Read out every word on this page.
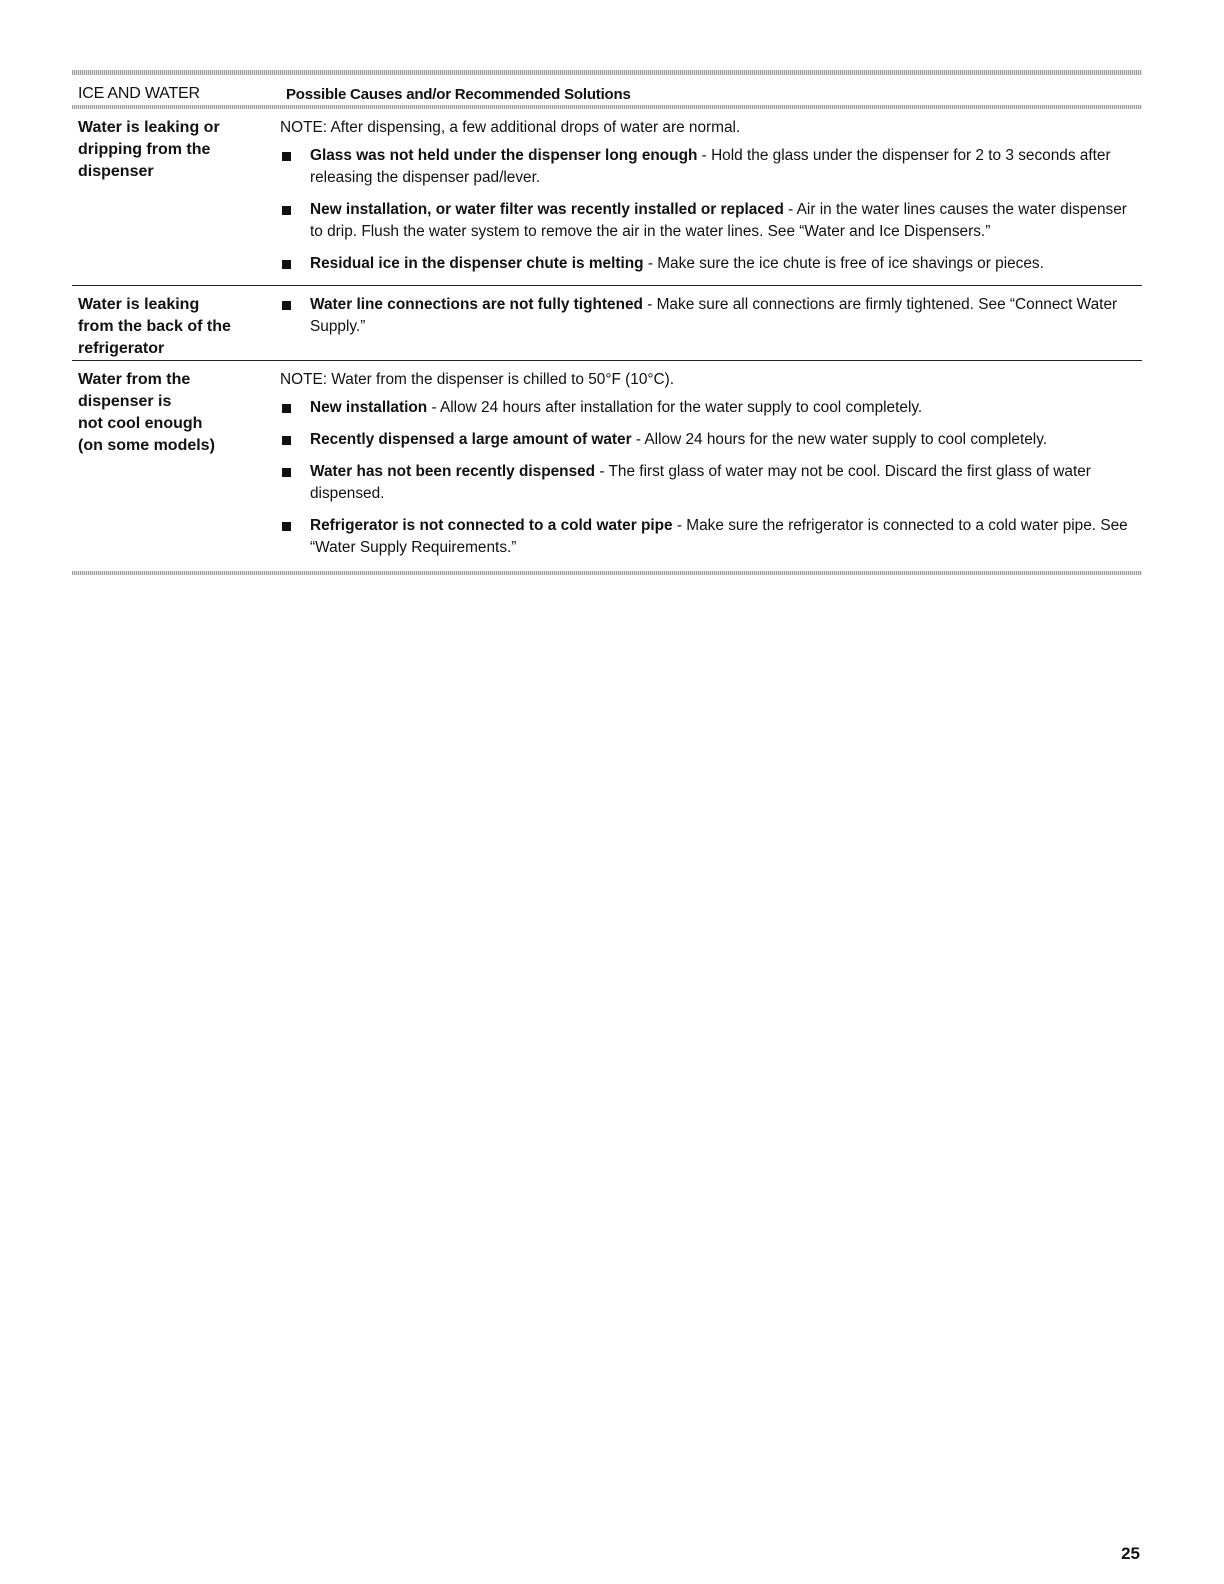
ICE AND WATER	Possible Causes and/or Recommended Solutions
Water is leaking or
dripping from the
dispenser
NOTE: After dispensing, a few additional drops of water are normal.
Glass was not held under the dispenser long enough - Hold the glass under the dispenser for 2 to 3 seconds after releasing the dispenser pad/lever.
New installation, or water filter was recently installed or replaced - Air in the water lines causes the water dispenser to drip. Flush the water system to remove the air in the water lines. See “Water and Ice Dispensers.”
Residual ice in the dispenser chute is melting - Make sure the ice chute is free of ice shavings or pieces.
Water is leaking
from the back of the
refrigerator
Water line connections are not fully tightened - Make sure all connections are firmly tightened. See “Connect Water Supply.”
Water from the
dispenser is
not cool enough
(on some models)
NOTE: Water from the dispenser is chilled to 50°F (10°C).
New installation - Allow 24 hours after installation for the water supply to cool completely.
Recently dispensed a large amount of water - Allow 24 hours for the new water supply to cool completely.
Water has not been recently dispensed - The first glass of water may not be cool. Discard the first glass of water dispensed.
Refrigerator is not connected to a cold water pipe - Make sure the refrigerator is connected to a cold water pipe. See “Water Supply Requirements.”
25
